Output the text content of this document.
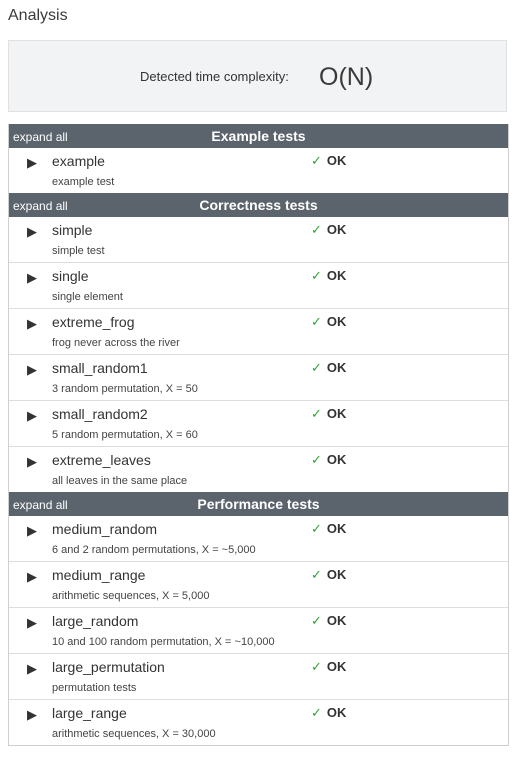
Analysis
Detected time complexity: O(N)
expand all	Example tests
▶ example
example test
✓ OK
expand all	Correctness tests
▶ simple
simple test
✓ OK
▶ single
single element
✓ OK
▶ extreme_frog
frog never across the river
✓ OK
▶ small_random1
3 random permutation, X = 50
✓ OK
▶ small_random2
5 random permutation, X = 60
✓ OK
▶ extreme_leaves
all leaves in the same place
✓ OK
expand all	Performance tests
▶ medium_random
6 and 2 random permutations, X = ~5,000
✓ OK
▶ medium_range
arithmetic sequences, X = 5,000
✓ OK
▶ large_random
10 and 100 random permutation, X = ~10,000
✓ OK
▶ large_permutation
permutation tests
✓ OK
▶ large_range
arithmetic sequences, X = 30,000
✓ OK
